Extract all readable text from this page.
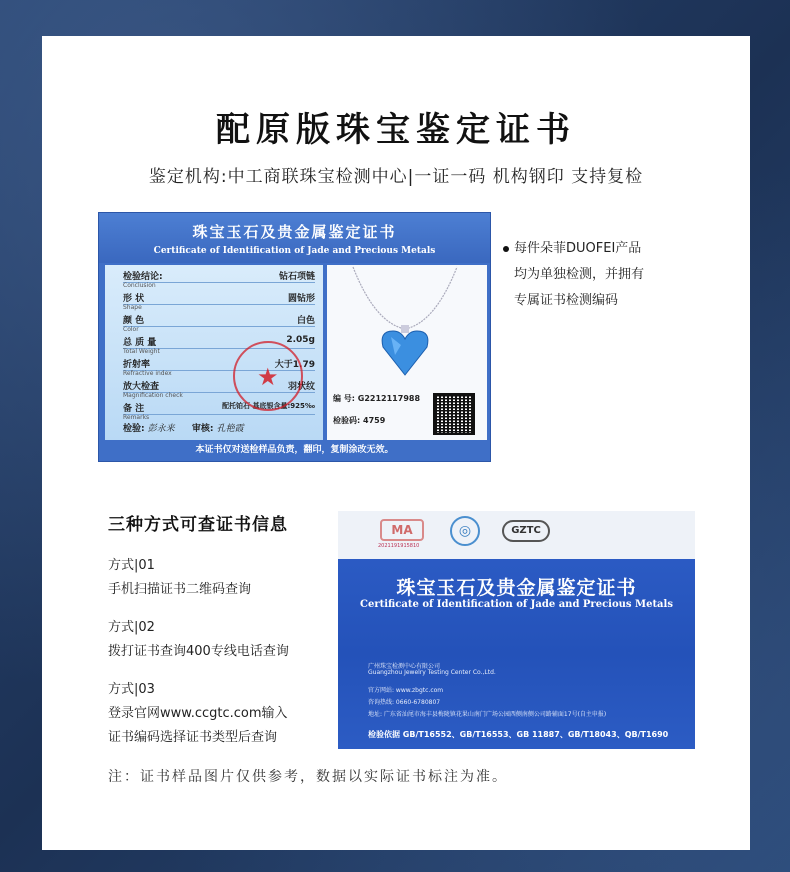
配原版珠宝鉴定证书
鉴定机构:中工商联珠宝检测中心|一证一码 机构钢印 支持复检
珠宝玉石及贵金属鉴定证书
Certificate of Identification of Jade and Precious Metals
检验结论:
Conclusion
钻石项链
形 状
Shape
圆钻形
颜 色
Color
白色
总 质 量
Total Weight
2.05g
折射率
Refractive index
大于1.79
放大检查
Magnification check
羽状纹
备 注
Remarks
配托铂石 基底银含量:925‰
★
检验: 彭永来 审核: 孔艳霞
编 号: G2212117988
检验码: 4759
本证书仅对送检样品负责，翻印，复制涂改无效。
每件朵菲DUOFEI产品
均为单独检测，并拥有
专属证书检测编码
三种方式可查证书信息
方式|01
手机扫描证书二维码查询
方式|02
拨打证书查询400专线电话查询
方式|03
登录官网www.ccgtc.com输入
证书编码选择证书类型后查询
MA
2021191915810
◎	GZTC
珠宝玉石及贵金属鉴定证书
Certificate of Identification of Jade and Precious Metals
广州珠宝检测中心有限公司
Guangzhou Jewelry Testing Center Co.,Ltd.
官方网站: www.zbgtc.com
咨询热线: 0660-6780807
地址: 广东省汕尾市海丰县梅陇镇花果山南门广场公园西侧南侧公司路辅面17号(自主申报)
检验依据 GB/T16552、GB/T16553、GB 11887、GB/T18043、QB/T1690
注：证书样品图片仅供参考，数据以实际证书标注为准。
